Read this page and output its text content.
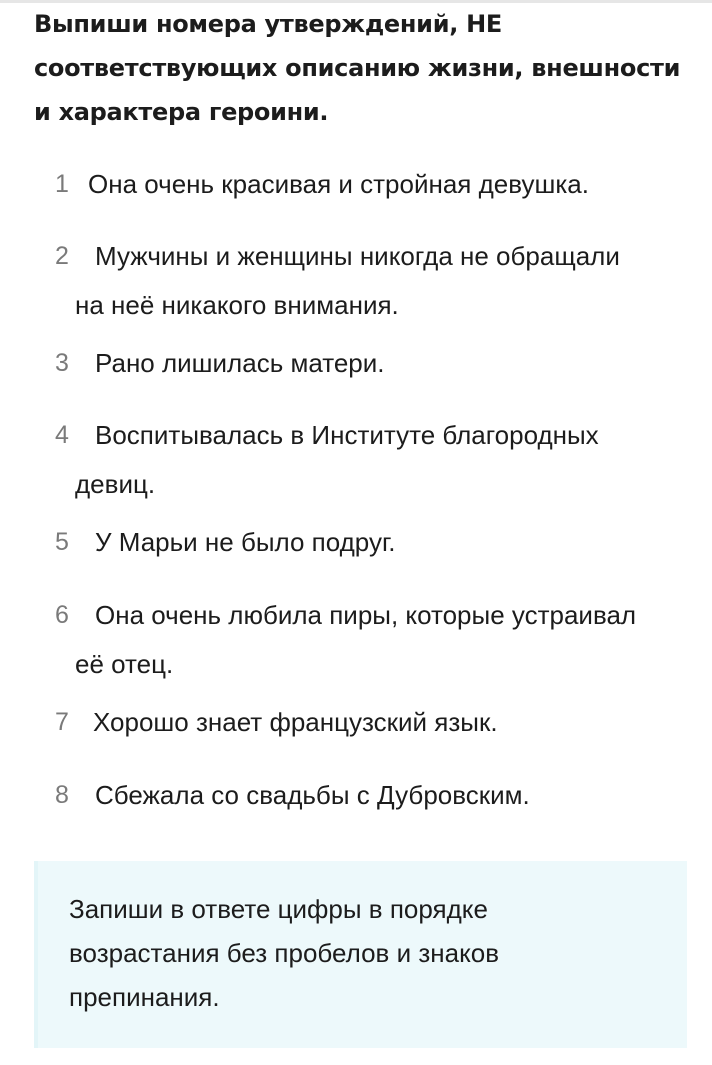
Выпиши номера утверждений, НЕ соответствующих описанию жизни, внешности и характера героини.
1 Она очень красивая и стройная девушка.
2 Мужчины и женщины никогда не обращали
на неё никакого внимания.
3 Рано лишилась матери.
4 Воспитывалась в Институте благородных
девиц.
5 У Марьи не было подруг.
6 Она очень любила пиры, которые устраивал
её отец.
7 Хорошо знает французский язык.
8 Сбежала со свадьбы с Дубровским.
Запиши в ответе цифры в порядке
возрастания без пробелов и знаков
препинания.
